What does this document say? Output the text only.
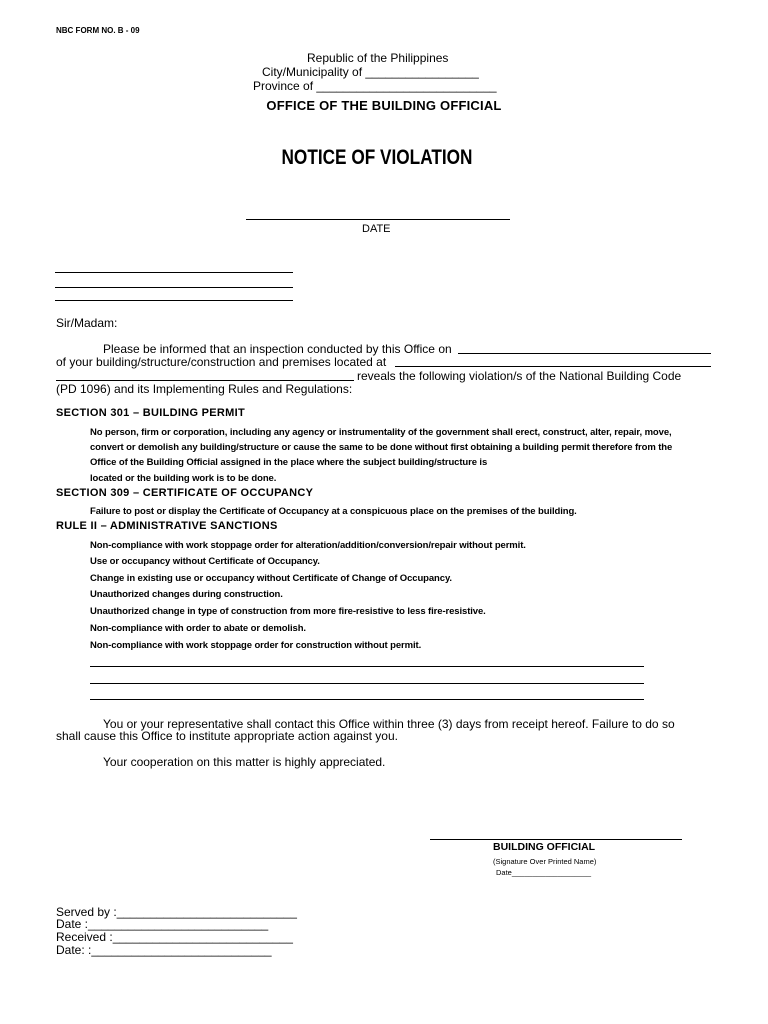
NBC FORM NO. B - 09
Republic of the Philippines
City/Municipality of _________________
Province of ___________________________
OFFICE OF THE BUILDING OFFICIAL
NOTICE OF VIOLATION
DATE
Sir/Madam:
Please be informed that an inspection conducted by this Office on
of your building/structure/construction and premises located at
reveals the following violation/s of the National Building Code
(PD 1096) and its Implementing Rules and Regulations:
SECTION 301 – BUILDING PERMIT
No person, firm or corporation, including any agency or instrumentality of the government shall erect, construct, alter, repair, move,
convert or demolish any building/structure or cause the same to be done without first obtaining a building permit therefore from the
Office of the Building Official assigned in the place where the subject building/structure is
located or the building work is to be done.
SECTION 309 – CERTIFICATE OF OCCUPANCY
Failure to post or display the Certificate of Occupancy at a conspicuous place on the premises of the building.
RULE II – ADMINISTRATIVE SANCTIONS
Non-compliance with work stoppage order for alteration/addition/conversion/repair without permit.
Use or occupancy without Certificate of Occupancy.
Change in existing use or occupancy without Certificate of Change of Occupancy.
Unauthorized changes during construction.
Unauthorized change in type of construction from more fire-resistive to less fire-resistive.
Non-compliance with order to abate or demolish.
Non-compliance with work stoppage order for construction without permit.
You or your representative shall contact this Office within three (3) days from receipt hereof. Failure to do so
shall cause this Office to institute appropriate action against you.
Your cooperation on this matter is highly appreciated.
BUILDING OFFICIAL
(Signature Over Printed Name)
Date___________________
Served by :___________________________
Date :___________________________
Received :___________________________
Date: :___________________________
